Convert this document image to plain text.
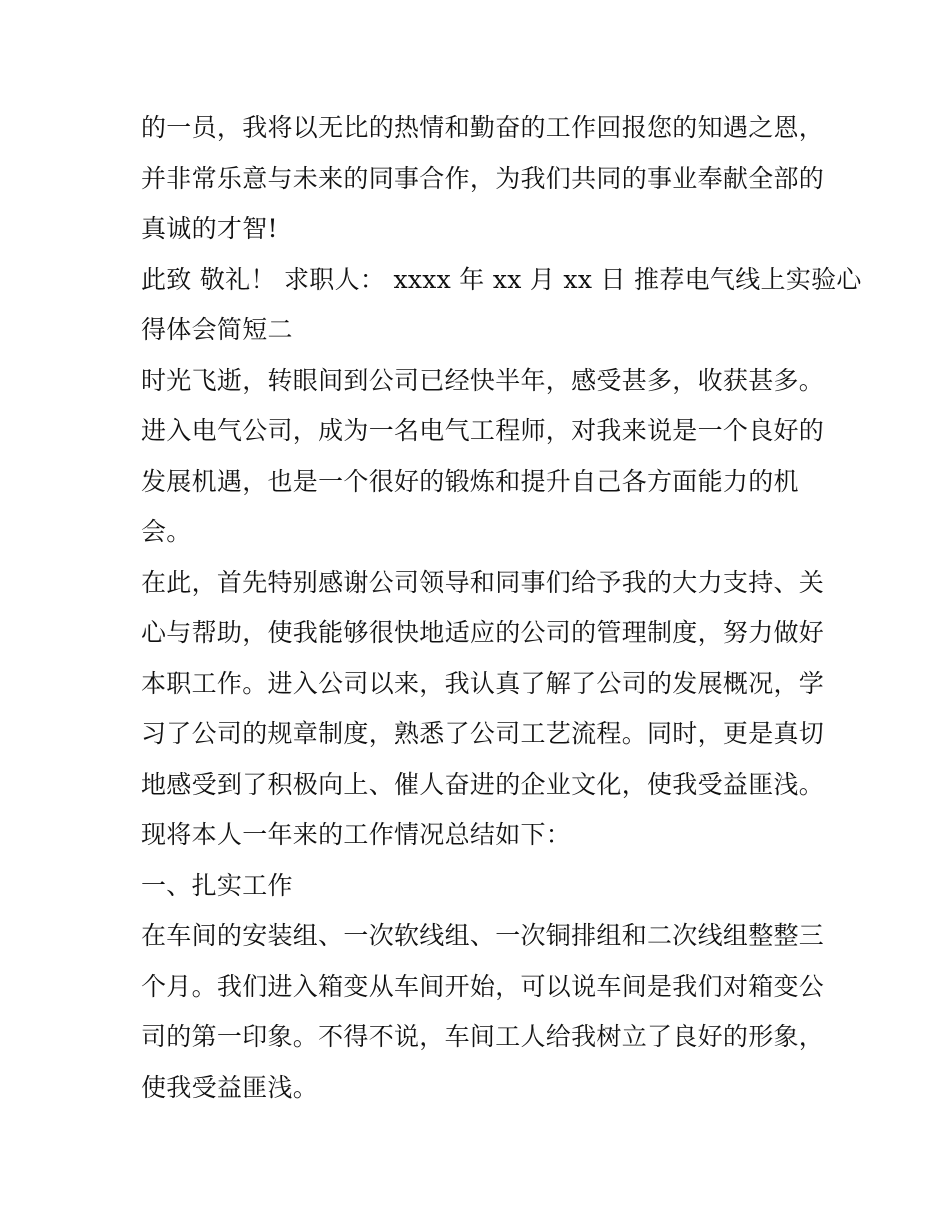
的一员，我将以无比的热情和勤奋的工作回报您的知遇之恩，
并非常乐意与未来的同事合作，为我们共同的事业奉献全部的
真诚的才智!
此致 敬礼！ 求职人： xxxx 年 xx 月 xx 日 推荐电气线上实验心
得体会简短二
时光飞逝，转眼间到公司已经快半年，感受甚多，收获甚多。
进入电气公司，成为一名电气工程师，对我来说是一个良好的
发展机遇，也是一个很好的锻炼和提升自己各方面能力的机
会。
在此，首先特别感谢公司领导和同事们给予我的大力支持、关
心与帮助，使我能够很快地适应的公司的管理制度，努力做好
本职工作。进入公司以来，我认真了解了公司的发展概况，学
习了公司的规章制度，熟悉了公司工艺流程。同时，更是真切
地感受到了积极向上、催人奋进的企业文化，使我受益匪浅。
现将本人一年来的工作情况总结如下：
一、扎实工作
在车间的安装组、一次软线组、一次铜排组和二次线组整整三
个月。我们进入箱变从车间开始，可以说车间是我们对箱变公
司的第一印象。不得不说，车间工人给我树立了良好的形象，
使我受益匪浅。
